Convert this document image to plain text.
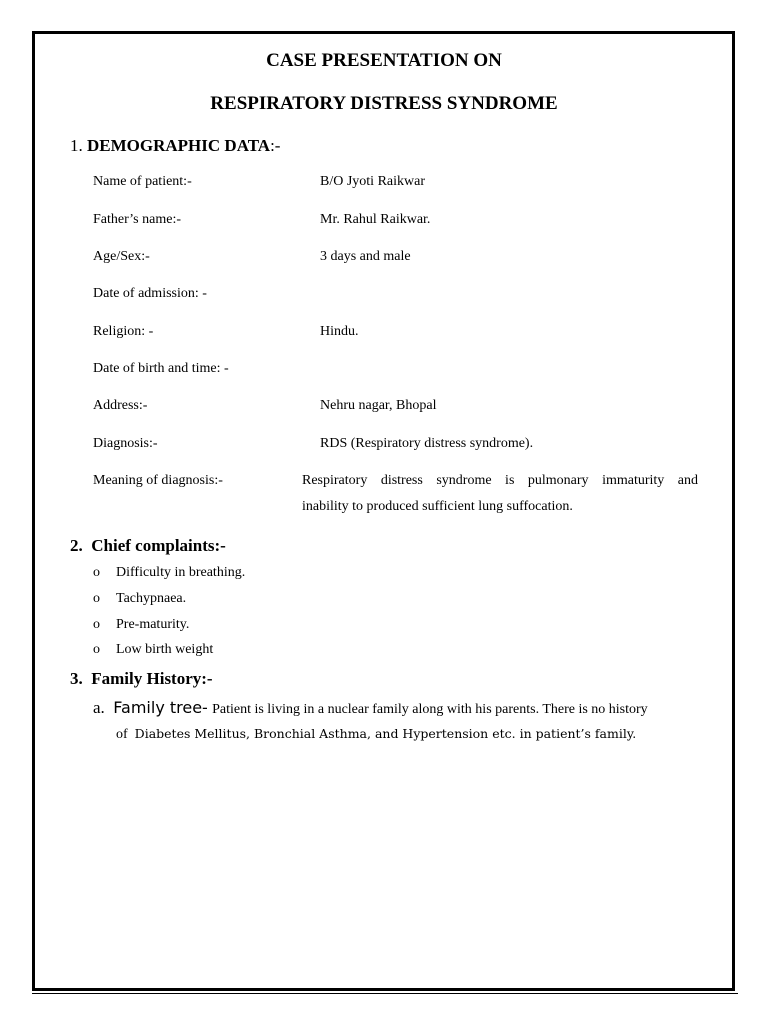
CASE PRESENTATION ON
RESPIRATORY DISTRESS SYNDROME
1. DEMOGRAPHIC DATA:-
Name of patient:-	B/O Jyoti Raikwar
Father’s name:-	Mr. Rahul Raikwar.
Age/Sex:-	3 days and male
Date of admission: -
Religion: -	Hindu.
Date of birth and time: -
Address:-	Nehru nagar, Bhopal
Diagnosis:-	RDS (Respiratory distress syndrome).
Meaning of diagnosis:-	Respiratory distress syndrome is pulmonary immaturity and
inability to produced sufficient lung suffocation.
2. Chief complaints:-
o Difficulty in breathing.
o Tachypnaea.
o Pre-maturity.
o Low birth weight
3. Family History:-
a. Family tree- Patient is living in a nuclear family along with his parents. There is no history
of Diabetes Mellitus, Bronchial Asthma, and Hypertension etc. in patient’s family.
